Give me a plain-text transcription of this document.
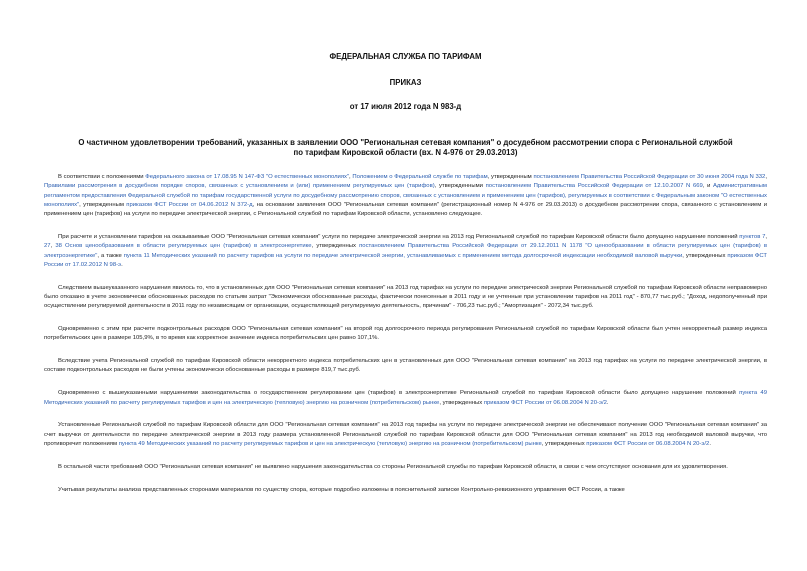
ФЕДЕРАЛЬНАЯ СЛУЖБА ПО ТАРИФАМ
ПРИКАЗ
от 17 июля 2012 года N 983-д
О частичном удовлетворении требований, указанных в заявлении ООО "Региональная сетевая компания" о досудебном рассмотрении спора с Региональной службой по тарифам Кировской области (вх. N 4-976 от 29.03.2013)

В соответствии с положениями Федерального закона от 17.08.95 N 147-ФЗ "О естественных монополиях", Положением о Федеральной службе по тарифам, утвержденным постановлением Правительства Российской Федерации от 30 июня 2004 года N 332, Правилами рассмотрения в досудебном порядке споров, связанных с установлением и (или) применением регулируемых цен (тарифов), утвержденными постановлением Правительства Российской Федерации от 12.10.2007 N 669, и Административным регламентом предоставления Федеральной службой по тарифам государственной услуги по досудебному рассмотрению споров, связанных с установлением и применением цен (тарифов), регулируемых в соответствии с Федеральным законом "О естественных монополиях", утвержденным приказом ФСТ России от 04.06.2012 N 372-д, на основании заявления ООО "Региональная сетевая компания" (регистрационный номер N 4-976 от 29.03.2013) о досудебном рассмотрении спора, связанного с установлением и применением цен (тарифов) на услуги по передаче электрической энергии, с Региональной службой по тарифам Кировской области, установлено следующее.

При расчете и установлении тарифов на оказываемые ООО "Региональная сетевая компания" услуги по передаче электрической энергии на 2013 год Региональной службой по тарифам Кировской области было допущено нарушение положений пунктов 7, 27, 38 Основ ценообразования в области регулируемых цен (тарифов) в электроэнергетике, утвержденных постановлением Правительства Российской Федерации от 29.12.2011 N 1178 "О ценообразовании в области регулируемых цен (тарифов) в электроэнергетике", а также пункта 11 Методических указаний по расчету тарифов на услуги по передаче электрической энергии, устанавливаемых с применением метода долгосрочной индексации необходимой валовой выручки, утвержденных приказом ФСТ России от 17.02.2012 N 98-э.

Следствием вышеуказанного нарушения явилось то, что в установленных для ООО "Региональная сетевая компания" на 2013 год тарифах на услуги по передаче электрической энергии Региональной службой по тарифам Кировской области неправомерно было отказано в учете экономически обоснованных расходов по статьям затрат "Экономически обоснованные расходы, фактически понесенные в 2011 году и не учтенные при установлении тарифов на 2011 год" - 870,77 тыс.руб.; "Доход, недополученный при осуществлении регулируемой деятельности в 2011 году по независящим от организации, осуществляющей регулируемую деятельность, причинам" - 706,23 тыс.руб.; "Амортизация" - 2072,34 тыс.руб.

Одновременно с этим при расчете подконтрольных расходов ООО "Региональная сетевая компания" на второй год долгосрочного периода регулирования Региональной службой по тарифам Кировской области был учтен некорректный размер индекса потребительских цен в размере 105,9%, в то время как корректное значение индекса потребительских цен равно 107,1%.

Вследствие учета Региональной службой по тарифам Кировской области некорректного индекса потребительских цен в установленных для ООО "Региональная сетевая компания" на 2013 год тарифах на услуги по передаче электрической энергии, в составе подконтрольных расходов не были учтены экономически обоснованные расходы в размере 819,7 тыс.руб.

Одновременно с вышеуказанными нарушениями законодательства о государственном регулировании цен (тарифов) в электроэнергетике Региональной службой по тарифам Кировской области было допущено нарушение положений пункта 49 Методических указаний по расчету регулируемых тарифов и цен на электрическую (тепловую) энергию на розничном (потребительском) рынке, утвержденных приказом ФСТ России от 06.08.2004 N 20-э/2.

Установленные Региональной службой по тарифам Кировской области для ООО "Региональная сетевая компания" на 2013 год тарифы на услуги по передаче электрической энергии не обеспечивают получение ООО "Региональная сетевая компания" за счет выручки от деятельности по передаче электрической энергии в 2013 году размера установленной Региональной службой по тарифам Кировской области для ООО "Региональная сетевая компания" на 2013 год необходимой валовой выручки, что противоречит положениям пункта 49 Методических указаний по расчету регулируемых тарифов и цен на электрическую (тепловую) энергию на розничном (потребительском) рынке, утвержденных приказом ФСТ России от 06.08.2004 N 20-э/2.

В остальной части требований ООО "Региональная сетевая компания" не выявлено нарушения законодательства со стороны Региональной службы по тарифам Кировской области, в связи с чем отсутствуют основания для их удовлетворения.

Учитывая результаты анализа представленных сторонами материалов по существу спора, которые подробно изложены в пояснительной записке Контрольно-ревизионного управления ФСТ России, а также
